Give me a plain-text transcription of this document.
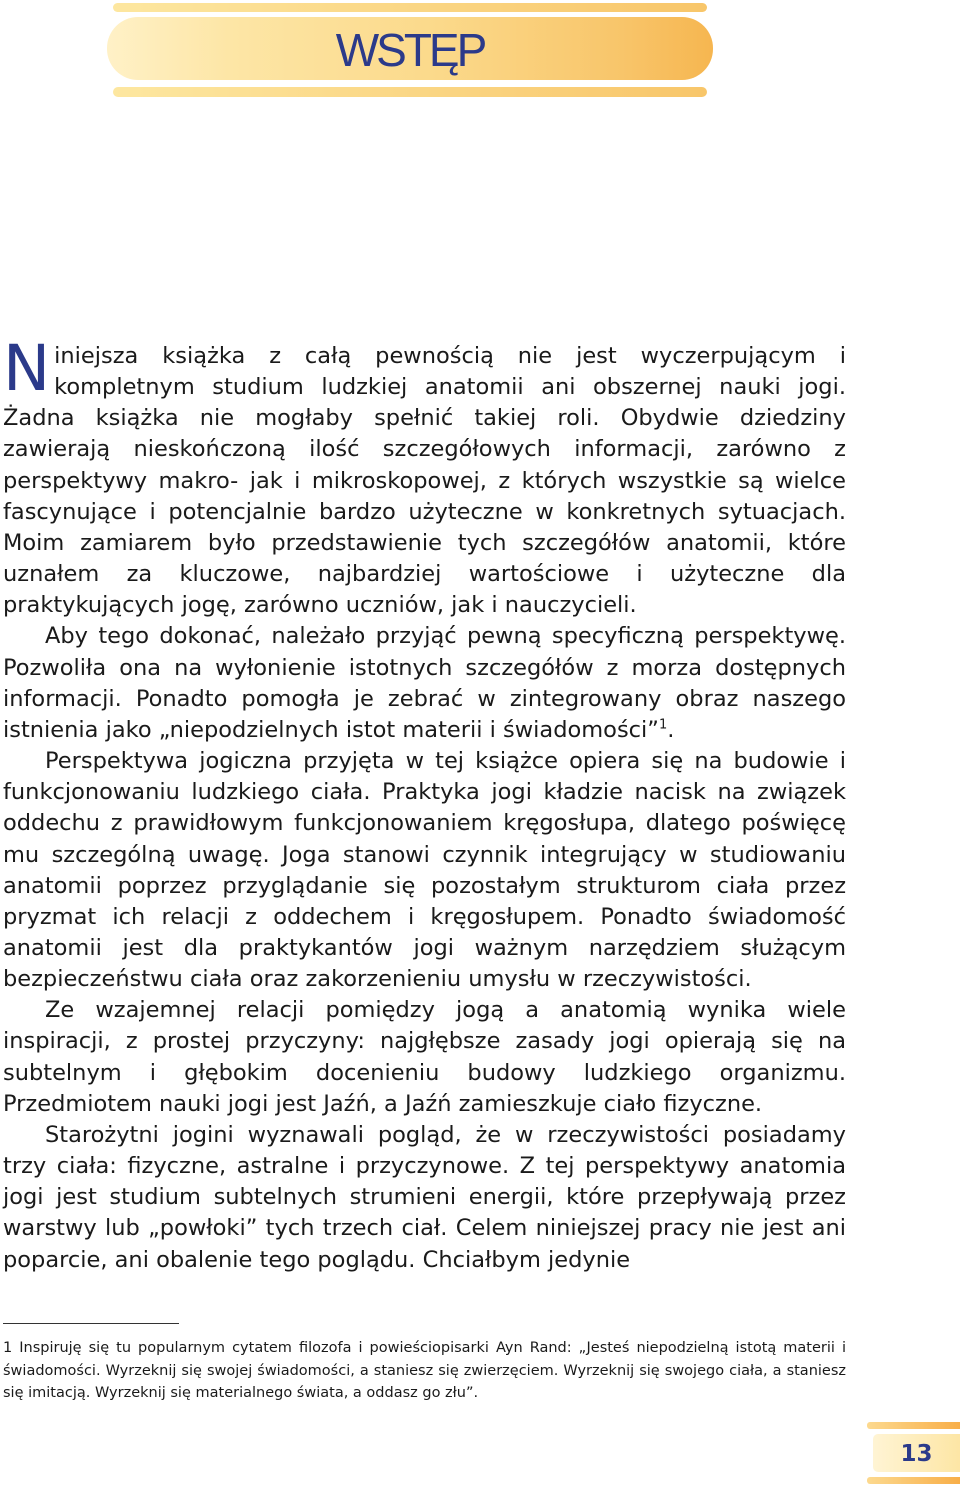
WSTĘP

Niniejsza książka z całą pewnością nie jest wyczerpującym i kompletnym studium ludzkiej anatomii ani obszernej nauki jogi. Żadna książka nie mogłaby spełnić takiej roli. Obydwie dziedziny zawierają nieskończoną ilość szczegółowych informacji, zarówno z perspektywy makro- jak i mikroskopowej, z których wszystkie są wielce fascynujące i potencjalnie bardzo użyteczne w konkretnych sytuacjach. Moim zamiarem było przedstawienie tych szczegółów anatomii, które uznałem za kluczowe, najbardziej wartościowe i użyteczne dla praktykujących jogę, zarówno uczniów, jak i nauczycieli.

Aby tego dokonać, należało przyjąć pewną specyficzną perspektywę. Pozwoliła ona na wyłonienie istotnych szczegółów z morza dostępnych informacji. Ponadto pomogła je zebrać w zintegrowany obraz naszego istnienia jako „niepodzielnych istot materii i świadomości”$^1$.

Perspektywa jogiczna przyjęta w tej książce opiera się na budowie i funkcjonowaniu ludzkiego ciała. Praktyka jogi kładzie nacisk na związek oddechu z prawidłowym funkcjonowaniem kręgosłupa, dlatego poświęcę mu szczególną uwagę. Joga stanowi czynnik integrujący w studiowaniu anatomii poprzez przyglądanie się pozostałym strukturom ciała przez pryzmat ich relacji z oddechem i kręgosłupem. Ponadto świadomość anatomii jest dla praktykantów jogi ważnym narzędziem służącym bezpieczeństwu ciała oraz zakorzenieniu umysłu w rzeczywistości.

Ze wzajemnej relacji pomiędzy jogą a anatomią wynika wiele inspiracji, z prostej przyczyny: najgłębsze zasady jogi opierają się na subtelnym i głębokim docenieniu budowy ludzkiego organizmu. Przedmiotem nauki jogi jest Jaźń, a Jaźń zamieszkuje ciało fizyczne.

Starożytni jogini wyznawali pogląd, że w rzeczywistości posiadamy trzy ciała: fizyczne, astralne i przyczynowe. Z tej perspektywy anatomia jogi jest studium subtelnych strumieni energii, które przepływają przez warstwy lub „powłoki” tych trzech ciał. Celem niniejszej pracy nie jest ani poparcie, ani obalenie tego poglądu. Chciałbym jedynie

1 Inspiruję się tu popularnym cytatem filozofa i powieściopisarki Ayn Rand: „Jesteś niepodzielną istotą materii i świadomości. Wyrzeknij się swojej świadomości, a staniesz się zwierzęciem. Wyrzeknij się swojego ciała, a staniesz się imitacją. Wyrzeknij się materialnego świata, a oddasz go złu”.

13
